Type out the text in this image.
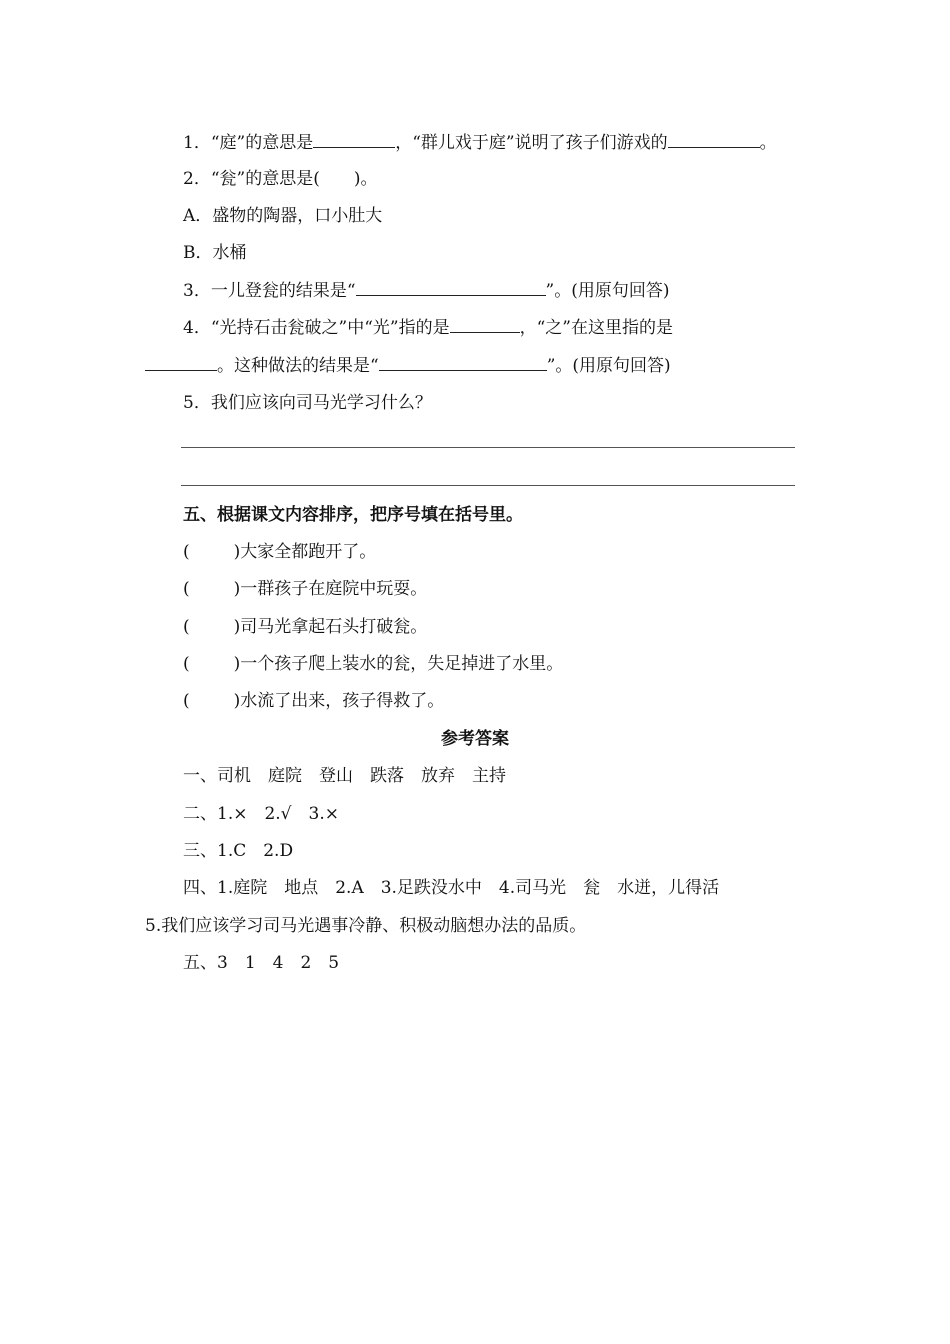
1．“庭”的意思是	，“群儿戏于庭”说明了孩子们游戏的	。
2．“瓮”的意思是(　　)。
A．盛物的陶器，口小肚大
B．水桶
3．一儿登瓮的结果是“	”。(用原句回答)
4．“光持石击瓮破之”中“光”指的是	，“之”在这里指的是
。这种做法的结果是“	”。(用原句回答)
5．我们应该向司马光学习什么？
五、根据课文内容排序，把序号填在括号里。
(	)大家全都跑开了。
(	)一群孩子在庭院中玩耍。
(	)司马光拿起石头打破瓮。
(	)一个孩子爬上装水的瓮，失足掉进了水里。
(	)水流了出来，孩子得救了。
参考答案
一、司机　庭院　登山　跌落　放弃　主持
二、1.×　2.√　3.×
三、1.C　2.D
四、1.庭院　地点　2.A　3.足跌没水中　4.司马光　瓮　水迸，儿得活
5.我们应该学习司马光遇事冷静、积极动脑想办法的品质。
五、3　1　4　2　5
